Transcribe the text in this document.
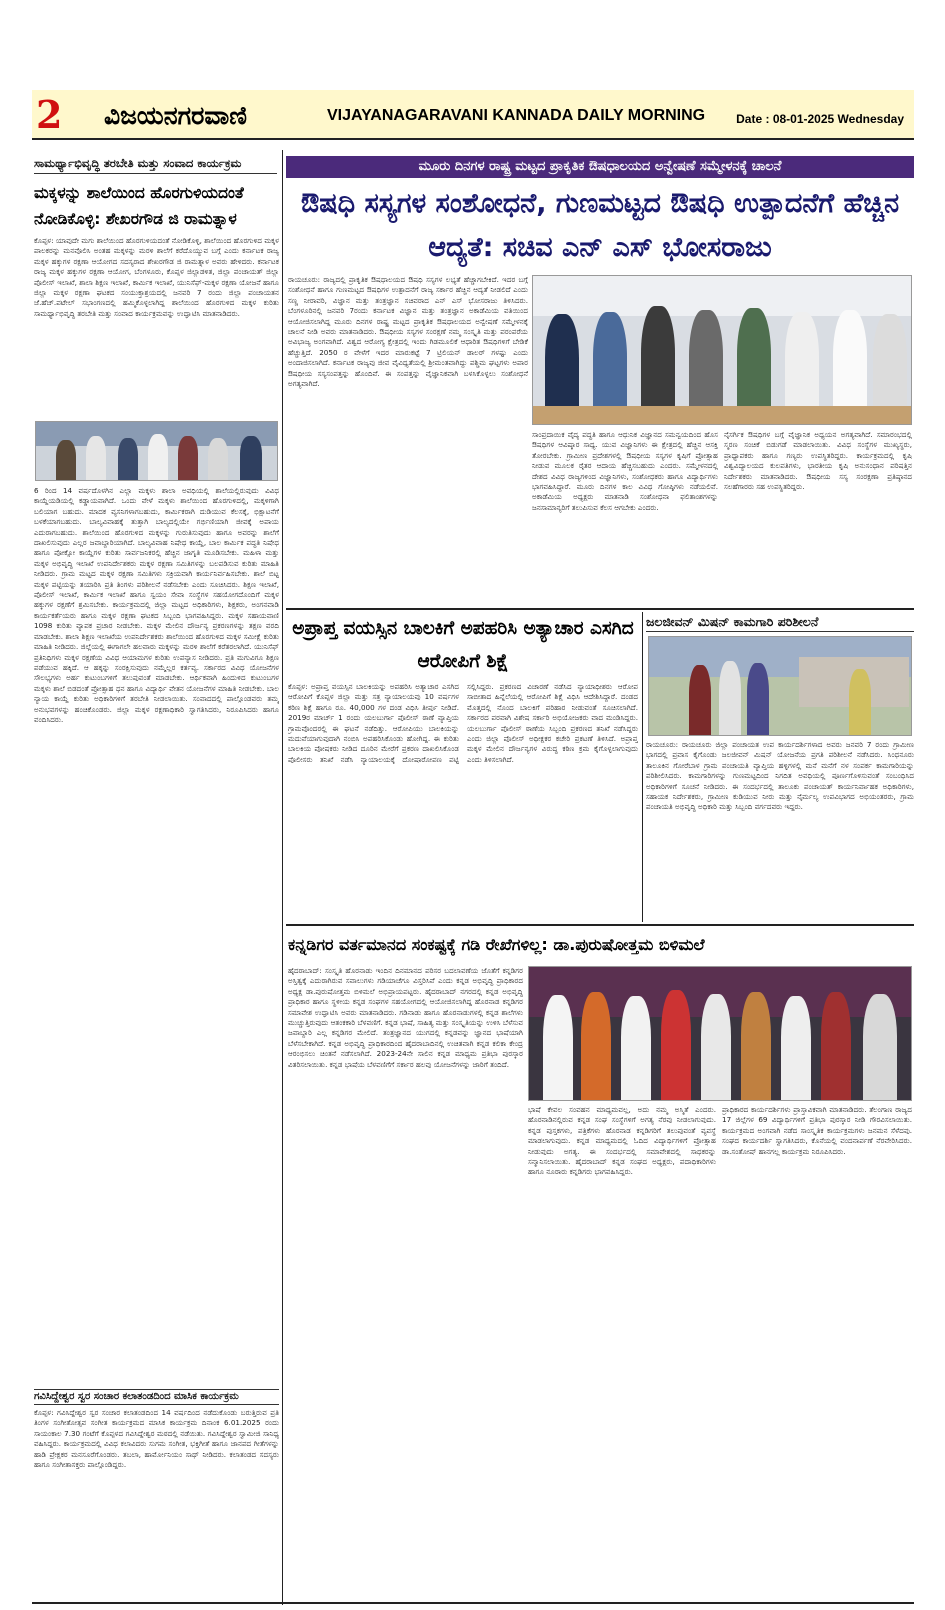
2 ವಿಜಯನಗರವಾಣಿ	VIJAYANAGARAVANI KANNADA DAILY MORNING	Date : 08-01-2025 Wednesday
ಸಾಮರ್ಥ್ಯಾಭಿವೃದ್ಧಿ ತರಬೇತಿ ಮತ್ತು ಸಂವಾದ ಕಾರ್ಯಕ್ರಮ
ಮಕ್ಕಳನ್ನು ಶಾಲೆಯಿಂದ ಹೊರಗುಳಿಯದಂತೆ ನೋಡಿಕೊಳ್ಳಿ: ಶೇಖರಗೌಡ ಜಿ ರಾಮತ್ನಾಳ
ಕೊಪ್ಪಳ: ಯಾವುದೇ ಮಗು ಶಾಲೆಯಿಂದ ಹೊರಗುಳಿಯದಂತೆ ನೋಡಿಕೊಳ್ಳಿ, ಶಾಲೆಯಿಂದ ಹೊರಗುಳಿದ ಮಕ್ಕಳ ಪಾಲಕರನ್ನು ಮನವೊಲಿಸಿ ಅಂತಹ ಮಕ್ಕಳನ್ನು ಮರಳಿ ಶಾಲೆಗೆ ಕರೆದೊಯ್ಯುವ ಬಗ್ಗೆ ಎಂದು ಕರ್ನಾಟಕ ರಾಜ್ಯ ಮಕ್ಕಳ ಹಕ್ಕುಗಳ ರಕ್ಷಣಾ ಆಯೋಗದ ಸದಸ್ಯರಾದ ಶೇಖರಗೌಡ ಜಿ ರಾಮತ್ನಾಳ ಅವರು ಹೇಳಿದರು. ಕರ್ನಾಟಕ ರಾಜ್ಯ ಮಕ್ಕಳ ಹಕ್ಕುಗಳ ರಕ್ಷಣಾ ಆಯೋಗ, ಬೆಂಗಳೂರು, ಕೊಪ್ಪಳ ಜಿಲ್ಲಾಡಳಿತ, ಜಿಲ್ಲಾ ಪಂಚಾಯತ್ ಜಿಲ್ಲಾ ಪೊಲೀಸ್ ಇಲಾಖೆ, ಶಾಲಾ ಶಿಕ್ಷಣ ಇಲಾಖೆ, ಕಾರ್ಮಿಕ ಇಲಾಖೆ, ಯುನಿಸೆಫ್-ಮಕ್ಕಳ ರಕ್ಷಣಾ ಯೋಜನೆ ಹಾಗೂ ಜಿಲ್ಲಾ ಮಕ್ಕಳ ರಕ್ಷಣಾ ಘಟಕದ ಸಂಯುಕ್ತಾಶ್ರಯದಲ್ಲಿ ಜನವರಿ 7 ರಂದು ಜಿಲ್ಲಾ ಪಂಚಾಯತನ ಜೆ.ಹೆಚ್.ಪಟೇಲ್ ಸಭಾಂಗಣದಲ್ಲಿ ಹಮ್ಮಿಕೊಳ್ಳಲಾಗಿದ್ದ ಶಾಲೆಯಿಂದ ಹೊರಗುಳಿದ ಮಕ್ಕಳ ಕುರಿತು ಸಾಮರ್ಥ್ಯಾಭಿವೃದ್ಧಿ ತರಬೇತಿ ಮತ್ತು ಸಂವಾದ ಕಾರ್ಯಕ್ರಮವನ್ನು ಉದ್ಘಾಟಿಸಿ ಮಾತನಾಡಿದರು.
6 ರಿಂದ 14 ವರ್ಷದೊಳಗಿನ ಎಲ್ಲಾ ಮಕ್ಕಳು ಶಾಲಾ ಅವಧಿಯಲ್ಲಿ ಶಾಲೆಯಲ್ಲಿರುವುದು ವಿವಿಧ ಕಾಯ್ದೆಯಡಿಯಲ್ಲಿ ಕಡ್ಡಾಯವಾಗಿದೆ. ಒಂದು ವೇಳೆ ಮಕ್ಕಳು ಶಾಲೆಯಿಂದ ಹೊರಗುಳಿದಲ್ಲಿ, ಮಕ್ಕಳಿಗಾಗಿ ಬಲಿಯಾಗ ಬಹುದು. ಮಾದಕ ವ್ಯಸನಿಗಳಾಗಬಹುದು, ಕಾರ್ಮಿಕರಾಗಿ ದುಡಿಯುವ ಕೆಲಸಕ್ಕೆ, ಭಿಕ್ಷಾಟನೆಗೆ ಬಳಕೆಯಾಗಬಹುದು. ಬಾಲ್ಯವಿವಾಹಕ್ಕೆ ತುತ್ತಾಗಿ ಬಾಲ್ಯದಲ್ಲಿಯೇ ಗರ್ಭಿಣಿಯಾಗಿ ಜೀವಕ್ಕೆ ಅಪಾಯ ಎದುರಾಗಬಹುದು. ಶಾಲೆಯಿಂದ ಹೊರಗುಳಿದ ಮಕ್ಕಳನ್ನು ಗುರುತಿಸುವುದು ಹಾಗೂ ಅವರನ್ನು ಶಾಲೆಗೆ ದಾಖಲಿಸುವುದು ಎಲ್ಲರ ಜವಾಬ್ದಾರಿಯಾಗಿದೆ. ಬಾಲ್ಯವಿವಾಹ ನಿಷೇಧ ಕಾಯ್ದೆ, ಬಾಲ ಕಾರ್ಮಿಕ ಪದ್ಧತಿ ನಿಷೇಧ ಹಾಗೂ ಪೋಕ್ಸೋ ಕಾಯ್ದೆಗಳ ಕುರಿತು ಸಾರ್ವಜನಿಕರಲ್ಲಿ ಹೆಚ್ಚಿನ ಜಾಗೃತಿ ಮೂಡಿಸಬೇಕು. ಮಹಿಳಾ ಮತ್ತು ಮಕ್ಕಳ ಅಭಿವೃದ್ಧಿ ಇಲಾಖೆ ಉಪನಿರ್ದೇಶಕರು ಮಕ್ಕಳ ರಕ್ಷಣಾ ಸಮಿತಿಗಳನ್ನು ಬಲಪಡಿಸುವ ಕುರಿತು ಮಾಹಿತಿ ನೀಡಿದರು. ಗ್ರಾಮ ಮಟ್ಟದ ಮಕ್ಕಳ ರಕ್ಷಣಾ ಸಮಿತಿಗಳು ಸಕ್ರಿಯವಾಗಿ ಕಾರ್ಯನಿರ್ವಹಿಸಬೇಕು. ಶಾಲೆ ಬಿಟ್ಟ ಮಕ್ಕಳ ಪಟ್ಟಿಯನ್ನು ತಯಾರಿಸಿ ಪ್ರತಿ ತಿಂಗಳು ಪರಿಶೀಲನೆ ನಡೆಸಬೇಕು ಎಂದು ಸೂಚಿಸಿದರು. ಶಿಕ್ಷಣ ಇಲಾಖೆ, ಪೊಲೀಸ್ ಇಲಾಖೆ, ಕಾರ್ಮಿಕ ಇಲಾಖೆ ಹಾಗೂ ಸ್ವಯಂ ಸೇವಾ ಸಂಸ್ಥೆಗಳ ಸಹಯೋಗದೊಂದಿಗೆ ಮಕ್ಕಳ ಹಕ್ಕುಗಳ ರಕ್ಷಣೆಗೆ ಶ್ರಮಿಸಬೇಕು. ಕಾರ್ಯಕ್ರಮದಲ್ಲಿ ಜಿಲ್ಲಾ ಮಟ್ಟದ ಅಧಿಕಾರಿಗಳು, ಶಿಕ್ಷಕರು, ಅಂಗನವಾಡಿ ಕಾರ್ಯಕರ್ತೆಯರು ಹಾಗೂ ಮಕ್ಕಳ ರಕ್ಷಣಾ ಘಟಕದ ಸಿಬ್ಬಂದಿ ಭಾಗವಹಿಸಿದ್ದರು. ಮಕ್ಕಳ ಸಹಾಯವಾಣಿ 1098 ಕುರಿತು ವ್ಯಾಪಕ ಪ್ರಚಾರ ನೀಡಬೇಕು. ಮಕ್ಕಳ ಮೇಲಿನ ದೌರ್ಜನ್ಯ ಪ್ರಕರಣಗಳನ್ನು ತಕ್ಷಣ ವರದಿ ಮಾಡಬೇಕು. ಶಾಲಾ ಶಿಕ್ಷಣ ಇಲಾಖೆಯ ಉಪನಿರ್ದೇಶಕರು ಶಾಲೆಯಿಂದ ಹೊರಗುಳಿದ ಮಕ್ಕಳ ಸಮೀಕ್ಷೆ ಕುರಿತು ಮಾಹಿತಿ ನೀಡಿದರು. ಜಿಲ್ಲೆಯಲ್ಲಿ ಈಗಾಗಲೇ ಹಲವಾರು ಮಕ್ಕಳನ್ನು ಮರಳಿ ಶಾಲೆಗೆ ಕರೆತರಲಾಗಿದೆ. ಯುನಿಸೆಫ್ ಪ್ರತಿನಿಧಿಗಳು ಮಕ್ಕಳ ರಕ್ಷಣೆಯ ವಿವಿಧ ಆಯಾಮಗಳ ಕುರಿತು ಉಪನ್ಯಾಸ ನೀಡಿದರು. ಪ್ರತಿ ಮಗುವಿಗೂ ಶಿಕ್ಷಣ ಪಡೆಯುವ ಹಕ್ಕಿದೆ. ಆ ಹಕ್ಕನ್ನು ಸಂರಕ್ಷಿಸುವುದು ನಮ್ಮೆಲ್ಲರ ಕರ್ತವ್ಯ. ಸರ್ಕಾರದ ವಿವಿಧ ಯೋಜನೆಗಳ ಸೌಲಭ್ಯಗಳು ಅರ್ಹ ಕುಟುಂಬಗಳಿಗೆ ತಲುಪುವಂತೆ ಮಾಡಬೇಕು. ಆರ್ಥಿಕವಾಗಿ ಹಿಂದುಳಿದ ಕುಟುಂಬಗಳ ಮಕ್ಕಳು ಶಾಲೆ ಬಿಡದಂತೆ ಪ್ರೋತ್ಸಾಹ ಧನ ಹಾಗೂ ವಿದ್ಯಾರ್ಥಿ ವೇತನ ಯೋಜನೆಗಳ ಮಾಹಿತಿ ನೀಡಬೇಕು. ಬಾಲ ನ್ಯಾಯ ಕಾಯ್ದೆ ಕುರಿತು ಅಧಿಕಾರಿಗಳಿಗೆ ತರಬೇತಿ ನೀಡಲಾಯಿತು. ಸಂವಾದದಲ್ಲಿ ಪಾಲ್ಗೊಂಡವರು ತಮ್ಮ ಅನುಭವಗಳನ್ನು ಹಂಚಿಕೊಂಡರು. ಜಿಲ್ಲಾ ಮಕ್ಕಳ ರಕ್ಷಣಾಧಿಕಾರಿ ಸ್ವಾಗತಿಸಿದರು, ನಿರೂಪಿಸಿದರು ಹಾಗೂ ವಂದಿಸಿದರು.
ಗವಿಸಿದ್ದೇಶ್ವರ ಸ್ವರ ಸಂಚಾರ ಕಲಾತಂಡದಿಂದ ಮಾಸಿಕ ಕಾರ್ಯಕ್ರಮ
ಕೊಪ್ಪಳ: ಗವಿಸಿದ್ದೇಶ್ವರ ಸ್ವರ ಸಂಚಾರ ಕಲಾತಂಡದಿಂದ 14 ವರ್ಷದಿಂದ ನಡೆದುಕೊಂಡು ಬರುತ್ತಿರುವ ಪ್ರತಿ ತಿಂಗಳ ಸಂಗೀತೋತ್ಸವ ಸಂಗೀತ ಕಾರ್ಯಕ್ರಮದ ಮಾಸಿಕ ಕಾರ್ಯಕ್ರಮ ದಿನಾಂಕ 6.01.2025 ರಂದು ಸಾಯಂಕಾಲ 7.30 ಗಂಟೆಗೆ ಕೊಪ್ಪಳದ ಗವಿಸಿದ್ದೇಶ್ವರ ಮಠದಲ್ಲಿ ನಡೆಯಿತು. ಗವಿಸಿದ್ದೇಶ್ವರ ಸ್ವಾಮೀಜಿ ಸಾನಿಧ್ಯ ವಹಿಸಿದ್ದರು. ಕಾರ್ಯಕ್ರಮದಲ್ಲಿ ವಿವಿಧ ಕಲಾವಿದರು ಸುಗಮ ಸಂಗೀತ, ಭಕ್ತಿಗೀತೆ ಹಾಗೂ ಜಾನಪದ ಗೀತೆಗಳನ್ನು ಹಾಡಿ ಪ್ರೇಕ್ಷಕರ ಮನಸೂರೆಗೊಂಡರು. ತಬಲಾ, ಹಾರ್ಮೋನಿಯಂ ಸಾಥ್ ನೀಡಿದರು. ಕಲಾತಂಡದ ಸದಸ್ಯರು ಹಾಗೂ ಸಂಗೀತಾಸಕ್ತರು ಪಾಲ್ಗೊಂಡಿದ್ದರು.
ಮೂರು ದಿನಗಳ ರಾಷ್ಟ್ರ ಮಟ್ಟದ ಪ್ರಾಕೃತಿಕ ಔಷಧಾಲಯದ ಅನ್ವೇಷಣೆ ಸಮ್ಮೇಳನಕ್ಕೆ ಚಾಲನೆ
ಔಷಧಿ ಸಸ್ಯಗಳ ಸಂಶೋಧನೆ, ಗುಣಮಟ್ಟದ ಔಷಧಿ ಉತ್ಪಾದನೆಗೆ ಹೆಚ್ಚಿನ ಆದ್ಯತೆ: ಸಚಿವ ಎನ್ ಎಸ್ ಭೋಸರಾಜು
ರಾಯಚೂರು: ರಾಜ್ಯದಲ್ಲಿ ಪ್ರಾಕೃತಿಕ ಔಷಧಾಲಯದ ಔಷಧಿ ಸಸ್ಯಗಳ ಲಭ್ಯತೆ ಹೆಚ್ಚಾಗಬೇಕಿದೆ. ಇದರ ಬಗ್ಗೆ ಸಂಶೋಧನೆ ಹಾಗೂ ಗುಣಮಟ್ಟದ ಔಷಧಿಗಳ ಉತ್ಪಾದನೆಗೆ ರಾಜ್ಯ ಸರ್ಕಾರ ಹೆಚ್ಚಿನ ಆದ್ಯತೆ ನೀಡಲಿದೆ ಎಂದು ಸಣ್ಣ ನೀರಾವರಿ, ವಿಜ್ಞಾನ ಮತ್ತು ತಂತ್ರಜ್ಞಾನ ಸಚಿವರಾದ ಎನ್ ಎಸ್ ಭೋಸರಾಜು ತಿಳಿಸಿದರು. ಬೆಂಗಳೂರಿನಲ್ಲಿ ಜನವರಿ 7ರಂದು ಕರ್ನಾಟಕ ವಿಜ್ಞಾನ ಮತ್ತು ತಂತ್ರಜ್ಞಾನ ಅಕಾಡೆಮಿಯ ವತಿಯಿಂದ ಆಯೋಜಿಸಲಾಗಿದ್ದ ಮೂರು ದಿನಗಳ ರಾಷ್ಟ್ರ ಮಟ್ಟದ ಪ್ರಾಕೃತಿಕ ಔಷಧಾಲಯದ ಅನ್ವೇಷಣೆ ಸಮ್ಮೇಳನಕ್ಕೆ ಚಾಲನೆ ನೀಡಿ ಅವರು ಮಾತನಾಡಿದರು. ಔಷಧೀಯ ಸಸ್ಯಗಳ ಸಂರಕ್ಷಣೆ ನಮ್ಮ ಸಂಸ್ಕೃತಿ ಮತ್ತು ಪರಂಪರೆಯ ಅವಿಭಾಜ್ಯ ಅಂಗವಾಗಿದೆ. ವಿಶ್ವದ ಆರೋಗ್ಯ ಕ್ಷೇತ್ರದಲ್ಲಿ ಇಂದು ಗಿಡಮೂಲಿಕೆ ಆಧಾರಿತ ಔಷಧಿಗಳಿಗೆ ಬೇಡಿಕೆ ಹೆಚ್ಚುತ್ತಿದೆ. 2050 ರ ವೇಳೆಗೆ ಇದರ ಮಾರುಕಟ್ಟೆ 7 ಟ್ರಿಲಿಯನ್ ಡಾಲರ್ ಗಳಷ್ಟು ಎಂದು ಅಂದಾಜಿಸಲಾಗಿದೆ. ಕರ್ನಾಟಕ ರಾಜ್ಯವು ಜೀವ ವೈವಿಧ್ಯತೆಯಲ್ಲಿ ಶ್ರೀಮಂತವಾಗಿದ್ದು ಪಶ್ಚಿಮ ಘಟ್ಟಗಳು ಅಪಾರ ಔಷಧೀಯ ಸಸ್ಯಸಂಪತ್ತನ್ನು ಹೊಂದಿವೆ. ಈ ಸಂಪತ್ತನ್ನು ವೈಜ್ಞಾನಿಕವಾಗಿ ಬಳಸಿಕೊಳ್ಳಲು ಸಂಶೋಧನೆ ಅಗತ್ಯವಾಗಿದೆ.
ಸಾಂಪ್ರದಾಯಿಕ ವೈದ್ಯ ಪದ್ಧತಿ ಹಾಗೂ ಆಧುನಿಕ ವಿಜ್ಞಾನದ ಸಮನ್ವಯದಿಂದ ಹೊಸ ಔಷಧಿಗಳ ಆವಿಷ್ಕಾರ ಸಾಧ್ಯ. ಯುವ ವಿಜ್ಞಾನಿಗಳು ಈ ಕ್ಷೇತ್ರದಲ್ಲಿ ಹೆಚ್ಚಿನ ಆಸಕ್ತಿ ತೋರಬೇಕು. ಗ್ರಾಮೀಣ ಪ್ರದೇಶಗಳಲ್ಲಿ ಔಷಧೀಯ ಸಸ್ಯಗಳ ಕೃಷಿಗೆ ಪ್ರೋತ್ಸಾಹ ನೀಡುವ ಮೂಲಕ ರೈತರ ಆದಾಯ ಹೆಚ್ಚಿಸಬಹುದು ಎಂದರು. ಸಮ್ಮೇಳನದಲ್ಲಿ ದೇಶದ ವಿವಿಧ ರಾಜ್ಯಗಳಿಂದ ವಿಜ್ಞಾನಿಗಳು, ಸಂಶೋಧಕರು ಹಾಗೂ ವಿದ್ಯಾರ್ಥಿಗಳು ಭಾಗವಹಿಸಿದ್ದಾರೆ. ಮೂರು ದಿನಗಳ ಕಾಲ ವಿವಿಧ ಗೋಷ್ಠಿಗಳು ನಡೆಯಲಿವೆ. ಅಕಾಡೆಮಿಯ ಅಧ್ಯಕ್ಷರು ಮಾತನಾಡಿ ಸಂಶೋಧನಾ ಫಲಿತಾಂಶಗಳನ್ನು ಜನಸಾಮಾನ್ಯರಿಗೆ ತಲುಪಿಸುವ ಕೆಲಸ ಆಗಬೇಕು ಎಂದರು.
ನೈಸರ್ಗಿಕ ಔಷಧಿಗಳ ಬಗ್ಗೆ ವೈಜ್ಞಾನಿಕ ಅಧ್ಯಯನ ಅಗತ್ಯವಾಗಿದೆ. ಸಮಾರಂಭದಲ್ಲಿ ಸ್ಮರಣ ಸಂಚಿಕೆ ಬಿಡುಗಡೆ ಮಾಡಲಾಯಿತು. ವಿವಿಧ ಸಂಸ್ಥೆಗಳ ಮುಖ್ಯಸ್ಥರು, ಪ್ರಾಧ್ಯಾಪಕರು ಹಾಗೂ ಗಣ್ಯರು ಉಪಸ್ಥಿತರಿದ್ದರು. ಕಾರ್ಯಕ್ರಮದಲ್ಲಿ ಕೃಷಿ ವಿಶ್ವವಿದ್ಯಾಲಯದ ಕುಲಪತಿಗಳು, ಭಾರತೀಯ ಕೃಷಿ ಅನುಸಂಧಾನ ಪರಿಷತ್ತಿನ ನಿರ್ದೇಶಕರು ಮಾತನಾಡಿದರು. ಔಷಧೀಯ ಸಸ್ಯ ಸಂರಕ್ಷಣಾ ಪ್ರತಿಷ್ಠಾನದ ಸಲಹೆಗಾರರು ಸಹ ಉಪಸ್ಥಿತರಿದ್ದರು.
ಅಪ್ರಾಪ್ತ ವಯಸ್ಸಿನ ಬಾಲಕಿಗೆ ಅಪಹರಿಸಿ ಅತ್ಯಾಚಾರ ಎಸಗಿದ ಆರೋಪಿಗೆ ಶಿಕ್ಷೆ
ಕೊಪ್ಪಳ: ಅಪ್ರಾಪ್ತ ವಯಸ್ಸಿನ ಬಾಲಕಿಯನ್ನು ಅಪಹರಿಸಿ ಅತ್ಯಾಚಾರ ಎಸಗಿದ ಆರೋಪಿಗೆ ಕೊಪ್ಪಳ ಜಿಲ್ಲಾ ಮತ್ತು ಸತ್ರ ನ್ಯಾಯಾಲಯವು 10 ವರ್ಷಗಳ ಕಠಿಣ ಶಿಕ್ಷೆ ಹಾಗೂ ರೂ. 40,000 ಗಳ ದಂಡ ವಿಧಿಸಿ ತೀರ್ಪು ನೀಡಿದೆ. 2019ರ ಮಾರ್ಚ್ 1 ರಂದು ಯಲಬುರ್ಗಾ ಪೊಲೀಸ್ ಠಾಣೆ ವ್ಯಾಪ್ತಿಯ ಗ್ರಾಮವೊಂದರಲ್ಲಿ ಈ ಘಟನೆ ನಡೆದಿತ್ತು. ಆರೋಪಿಯು ಬಾಲಕಿಯನ್ನು ಮದುವೆಯಾಗುವುದಾಗಿ ನಂಬಿಸಿ ಅಪಹರಿಸಿಕೊಂಡು ಹೋಗಿದ್ದ. ಈ ಕುರಿತು ಬಾಲಕಿಯ ಪೋಷಕರು ನೀಡಿದ ದೂರಿನ ಮೇರೆಗೆ ಪ್ರಕರಣ ದಾಖಲಿಸಿಕೊಂಡ ಪೊಲೀಸರು ತನಿಖೆ ನಡೆಸಿ ನ್ಯಾಯಾಲಯಕ್ಕೆ ದೋಷಾರೋಪಣ ಪಟ್ಟಿ ಸಲ್ಲಿಸಿದ್ದರು. ಪ್ರಕರಣದ ವಿಚಾರಣೆ ನಡೆಸಿದ ನ್ಯಾಯಾಧೀಶರು ಆರೋಪ ಸಾಬೀತಾದ ಹಿನ್ನೆಲೆಯಲ್ಲಿ ಆರೋಪಿಗೆ ಶಿಕ್ಷೆ ವಿಧಿಸಿ ಆದೇಶಿಸಿದ್ದಾರೆ. ದಂಡದ ಮೊತ್ತದಲ್ಲಿ ನೊಂದ ಬಾಲಕಿಗೆ ಪರಿಹಾರ ನೀಡುವಂತೆ ಸೂಚಿಸಲಾಗಿದೆ. ಸರ್ಕಾರದ ಪರವಾಗಿ ವಿಶೇಷ ಸರ್ಕಾರಿ ಅಭಿಯೋಜಕರು ವಾದ ಮಂಡಿಸಿದ್ದರು. ಯಲಬುರ್ಗಾ ಪೊಲೀಸ್ ಠಾಣೆಯ ಸಿಬ್ಬಂದಿ ಪ್ರಕರಣದ ತನಿಖೆ ನಡೆಸಿದ್ದರು ಎಂದು ಜಿಲ್ಲಾ ಪೊಲೀಸ್ ಅಧೀಕ್ಷಕರ ಕಚೇರಿ ಪ್ರಕಟಣೆ ತಿಳಿಸಿದೆ. ಅಪ್ರಾಪ್ತ ಮಕ್ಕಳ ಮೇಲಿನ ದೌರ್ಜನ್ಯಗಳ ವಿರುದ್ಧ ಕಠಿಣ ಕ್ರಮ ಕೈಗೊಳ್ಳಲಾಗುವುದು ಎಂದು ತಿಳಿಸಲಾಗಿದೆ.
ಜಲಜೀವನ್ ಮಿಷನ್ ಕಾಮಗಾರಿ ಪರಿಶೀಲನೆ
ರಾಯಚೂರು: ರಾಯಚೂರು ಜಿಲ್ಲಾ ಪಂಚಾಯತ ಉಪ ಕಾರ್ಯದರ್ಶಿಗಳಾದ ಅವರು ಜನವರಿ 7 ರಂದು ಗ್ರಾಮೀಣ ಭಾಗದಲ್ಲಿ ಪ್ರವಾಸ ಕೈಗೊಂಡು ಜಲಜೀವನ್ ಮಿಷನ್ ಯೋಜನೆಯ ಪ್ರಗತಿ ಪರಿಶೀಲನೆ ನಡೆಸಿದರು. ಸಿಂಧನೂರು ತಾಲೂಕಿನ ಗೋರೆಬಾಳ ಗ್ರಾಮ ಪಂಚಾಯತಿ ವ್ಯಾಪ್ತಿಯ ಹಳ್ಳಿಗಳಲ್ಲಿ ಮನೆ ಮನೆಗೆ ನಳ ಸಂಪರ್ಕ ಕಾಮಗಾರಿಯನ್ನು ಪರಿಶೀಲಿಸಿದರು. ಕಾಮಗಾರಿಗಳನ್ನು ಗುಣಮಟ್ಟದಿಂದ ನಿಗದಿತ ಅವಧಿಯಲ್ಲಿ ಪೂರ್ಣಗೊಳಿಸುವಂತೆ ಸಂಬಂಧಿಸಿದ ಅಧಿಕಾರಿಗಳಿಗೆ ಸೂಚನೆ ನೀಡಿದರು. ಈ ಸಂದರ್ಭದಲ್ಲಿ ತಾಲೂಕು ಪಂಚಾಯತ್ ಕಾರ್ಯನಿರ್ವಾಹಕ ಅಧಿಕಾರಿಗಳು, ಸಹಾಯಕ ನಿರ್ದೇಶಕರು, ಗ್ರಾಮೀಣ ಕುಡಿಯುವ ನೀರು ಮತ್ತು ನೈರ್ಮಲ್ಯ ಉಪವಿಭಾಗದ ಅಭಿಯಂತರರು, ಗ್ರಾಮ ಪಂಚಾಯತಿ ಅಭಿವೃದ್ಧಿ ಅಧಿಕಾರಿ ಮತ್ತು ಸಿಬ್ಬಂದಿ ವರ್ಗದವರು ಇದ್ದರು.
ಕನ್ನಡಿಗರ ವರ್ತಮಾನದ ಸಂಕಷ್ಟಕ್ಕೆ ಗಡಿ ರೇಖೆಗಳಿಲ್ಲ: ಡಾ.ಪುರುಷೋತ್ತಮ ಬಿಳಿಮಲೆ
ಹೈದರಾಬಾದ್: ಸಂಸ್ಕೃತಿ ಹೊರನಾಡು ಇಂದಿನ ದಿನಮಾನದ ಪರಿಸರ ಬದಲಾವಣೆಯ ಜೊತೆಗೆ ಕನ್ನಡಿಗರ ಅಸ್ತಿತ್ವಕ್ಕೆ ಎದುರಾಗಿರುವ ಸವಾಲುಗಳು ಗಡಿಯಾಚೆಗೂ ವಿಸ್ತರಿಸಿವೆ ಎಂದು ಕನ್ನಡ ಅಭಿವೃದ್ಧಿ ಪ್ರಾಧಿಕಾರದ ಅಧ್ಯಕ್ಷ ಡಾ.ಪುರುಷೋತ್ತಮ ಬಿಳಿಮಲೆ ಅಭಿಪ್ರಾಯಪಟ್ಟರು. ಹೈದರಾಬಾದ್ ನಗರದಲ್ಲಿ ಕನ್ನಡ ಅಭಿವೃದ್ಧಿ ಪ್ರಾಧಿಕಾರ ಹಾಗೂ ಸ್ಥಳೀಯ ಕನ್ನಡ ಸಂಘಗಳ ಸಹಯೋಗದಲ್ಲಿ ಆಯೋಜಿಸಲಾಗಿದ್ದ ಹೊರನಾಡ ಕನ್ನಡಿಗರ ಸಮಾವೇಶ ಉದ್ಘಾಟಿಸಿ ಅವರು ಮಾತನಾಡಿದರು. ಗಡಿನಾಡು ಹಾಗೂ ಹೊರನಾಡುಗಳಲ್ಲಿ ಕನ್ನಡ ಶಾಲೆಗಳು ಮುಚ್ಚುತ್ತಿರುವುದು ಆತಂಕಕಾರಿ ಬೆಳವಣಿಗೆ. ಕನ್ನಡ ಭಾಷೆ, ಸಾಹಿತ್ಯ ಮತ್ತು ಸಂಸ್ಕೃತಿಯನ್ನು ಉಳಿಸಿ ಬೆಳೆಸುವ ಜವಾಬ್ದಾರಿ ಎಲ್ಲ ಕನ್ನಡಿಗರ ಮೇಲಿದೆ. ತಂತ್ರಜ್ಞಾನದ ಯುಗದಲ್ಲಿ ಕನ್ನಡವನ್ನು ಜ್ಞಾನದ ಭಾಷೆಯಾಗಿ ಬೆಳೆಸಬೇಕಾಗಿದೆ. ಕನ್ನಡ ಅಭಿವೃದ್ಧಿ ಪ್ರಾಧಿಕಾರದಿಂದ ಹೈದರಾಬಾದಿನಲ್ಲಿ ಉಚಿತವಾಗಿ ಕನ್ನಡ ಕಲಿಕಾ ಕೇಂದ್ರ ಆರಂಭಿಸಲು ಚಿಂತನೆ ನಡೆಸಲಾಗಿದೆ. 2023-24ನೇ ಸಾಲಿನ ಕನ್ನಡ ಮಾಧ್ಯಮ ಪ್ರತಿಭಾ ಪುರಸ್ಕಾರ ವಿತರಿಸಲಾಯಿತು. ಕನ್ನಡ ಭಾಷೆಯ ಬೆಳವಣಿಗೆಗೆ ಸರ್ಕಾರ ಹಲವು ಯೋಜನೆಗಳನ್ನು ಜಾರಿಗೆ ತಂದಿದೆ.
ಭಾಷೆ ಕೇವಲ ಸಂವಹನ ಮಾಧ್ಯಮವಲ್ಲ, ಅದು ನಮ್ಮ ಅಸ್ಮಿತೆ ಎಂದರು. ಹೊರನಾಡಿನಲ್ಲಿರುವ ಕನ್ನಡ ಸಂಘ ಸಂಸ್ಥೆಗಳಿಗೆ ಅಗತ್ಯ ನೆರವು ನೀಡಲಾಗುವುದು. ಕನ್ನಡ ಪುಸ್ತಕಗಳು, ಪತ್ರಿಕೆಗಳು ಹೊರನಾಡ ಕನ್ನಡಿಗರಿಗೆ ತಲುಪುವಂತೆ ವ್ಯವಸ್ಥೆ ಮಾಡಲಾಗುವುದು. ಕನ್ನಡ ಮಾಧ್ಯಮದಲ್ಲಿ ಓದಿದ ವಿದ್ಯಾರ್ಥಿಗಳಿಗೆ ಪ್ರೋತ್ಸಾಹ ನೀಡುವುದು ಅಗತ್ಯ. ಈ ಸಂದರ್ಭದಲ್ಲಿ ಸಮಾವೇಶದಲ್ಲಿ ಸಾಧಕರನ್ನು ಸನ್ಮಾನಿಸಲಾಯಿತು. ಹೈದರಾಬಾದ್ ಕನ್ನಡ ಸಂಘದ ಅಧ್ಯಕ್ಷರು, ಪದಾಧಿಕಾರಿಗಳು ಹಾಗೂ ನೂರಾರು ಕನ್ನಡಿಗರು ಭಾಗವಹಿಸಿದ್ದರು.
ಪ್ರಾಧಿಕಾರದ ಕಾರ್ಯದರ್ಶಿಗಳು ಪ್ರಾಸ್ತಾವಿಕವಾಗಿ ಮಾತನಾಡಿದರು. ತೆಲಂಗಾಣ ರಾಜ್ಯದ 17 ಜಿಲ್ಲೆಗಳ 69 ವಿದ್ಯಾರ್ಥಿಗಳಿಗೆ ಪ್ರತಿಭಾ ಪುರಸ್ಕಾರ ನೀಡಿ ಗೌರವಿಸಲಾಯಿತು. ಕಾರ್ಯಕ್ರಮದ ಅಂಗವಾಗಿ ನಡೆದ ಸಾಂಸ್ಕೃತಿಕ ಕಾರ್ಯಕ್ರಮಗಳು ಜನಮನ ಸೆಳೆದವು. ಸಂಘದ ಕಾರ್ಯದರ್ಶಿ ಸ್ವಾಗತಿಸಿದರು, ಕೊನೆಯಲ್ಲಿ ವಂದನಾರ್ಪಣೆ ನೆರವೇರಿಸಿದರು. ಡಾ.ಸಂತೋಷ್ ಹಾನಗಲ್ಲ ಕಾರ್ಯಕ್ರಮ ನಿರೂಪಿಸಿದರು.
